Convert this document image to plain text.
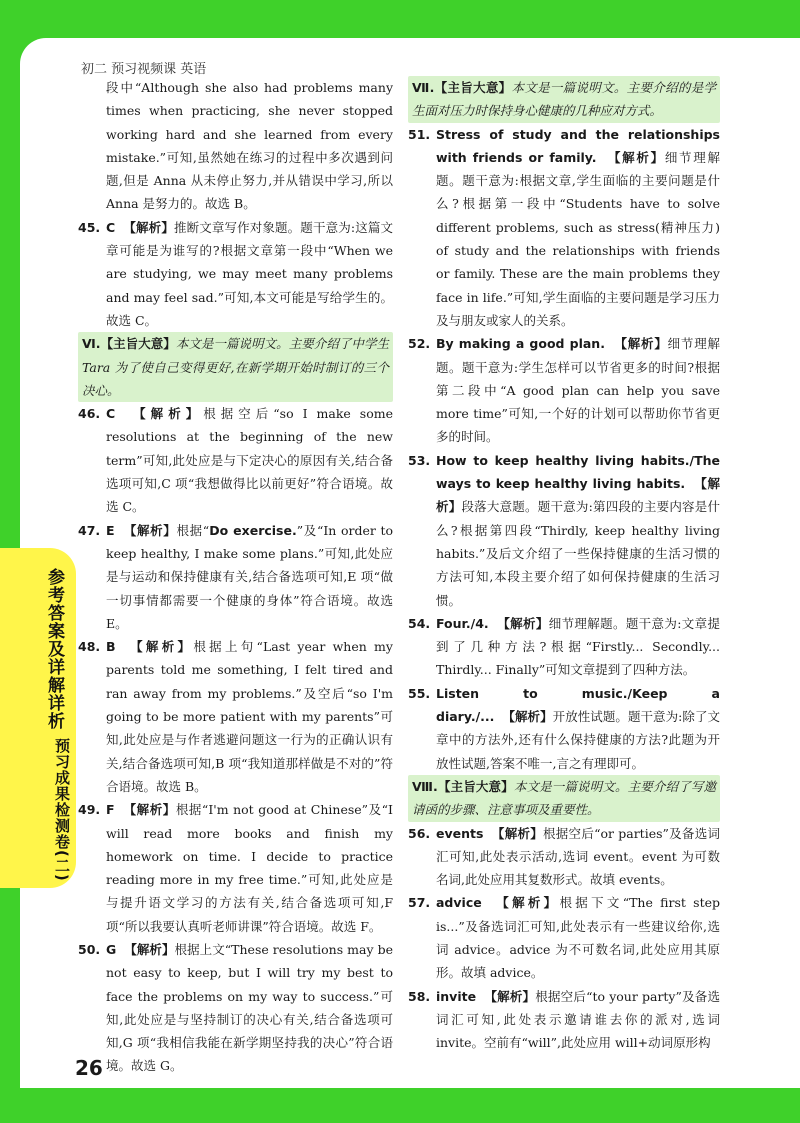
初二 预习视频课 英语
参考答案及详解详析
预习成果检测卷(二)
26

段中“Although she also had problems many times when practicing, she never stopped working hard and she learned from every mistake.”可知,虽然她在练习的过程中多次遇到问题,但是 Anna 从未停止努力,并从错误中学习,所以 Anna 是努力的。故选 B。

45. C 【解析】推断文章写作对象题。题干意为:这篇文章可能是为谁写的?根据文章第一段中“When we are studying, we may meet many problems and may feel sad.”可知,本文可能是写给学生的。故选 C。

Ⅵ.【主旨大意】本文是一篇说明文。主要介绍了中学生 Tara 为了使自己变得更好,在新学期开始时制订的三个决心。

46. C 【解析】根据空后“so I make some resolutions at the beginning of the new term”可知,此处应是与下定决心的原因有关,结合备选项可知,C 项“我想做得比以前更好”符合语境。故选 C。

47. E 【解析】根据“Do exercise.”及“In order to keep healthy, I make some plans.”可知,此处应是与运动和保持健康有关,结合备选项可知,E 项“做一切事情都需要一个健康的身体”符合语境。故选 E。

48. B 【解析】根据上句“Last year when my parents told me something, I felt tired and ran away from my problems.”及空后“so I'm going to be more patient with my parents”可知,此处应是与作者逃避问题这一行为的正确认识有关,结合备选项可知,B 项“我知道那样做是不对的”符合语境。故选 B。

49. F 【解析】根据“I'm not good at Chinese”及“I will read more books and finish my homework on time. I decide to practice reading more in my free time.”可知,此处应是与提升语文学习的方法有关,结合备选项可知,F 项“所以我要认真听老师讲课”符合语境。故选 F。

50. G 【解析】根据上文“These resolutions may be not easy to keep, but I will try my best to face the problems on my way to success.”可知,此处应是与坚持制订的决心有关,结合备选项可知,G 项“我相信我能在新学期坚持我的决心”符合语境。故选 G。

Ⅶ.【主旨大意】本文是一篇说明文。主要介绍的是学生面对压力时保持身心健康的几种应对方式。

51. Stress of study and the relationships with friends or family. 【解析】细节理解题。题干意为:根据文章,学生面临的主要问题是什么?根据第一段中“Students have to solve different problems, such as stress(精神压力) of study and the relationships with friends or family. These are the main problems they face in life.”可知,学生面临的主要问题是学习压力及与朋友或家人的关系。

52. By making a good plan. 【解析】细节理解题。题干意为:学生怎样可以节省更多的时间?根据第二段中“A good plan can help you save more time”可知,一个好的计划可以帮助你节省更多的时间。

53. How to keep healthy living habits./The ways to keep healthy living habits. 【解析】段落大意题。题干意为:第四段的主要内容是什么?根据第四段“Thirdly, keep healthy living habits.”及后文介绍了一些保持健康的生活习惯的方法可知,本段主要介绍了如何保持健康的生活习惯。

54. Four./4. 【解析】细节理解题。题干意为:文章提到了几种方法?根据“Firstly... Secondly... Thirdly... Finally”可知文章提到了四种方法。

55. Listen to music./Keep a diary./... 【解析】开放性试题。题干意为:除了文章中的方法外,还有什么保持健康的方法?此题为开放性试题,答案不唯一,言之有理即可。

Ⅷ.【主旨大意】本文是一篇说明文。主要介绍了写邀请函的步骤、注意事项及重要性。

56. events 【解析】根据空后“or parties”及备选词汇可知,此处表示活动,选词 event。event 为可数名词,此处应用其复数形式。故填 events。

57. advice 【解析】根据下文“The first step is...”及备选词汇可知,此处表示有一些建议给你,选词 advice。advice 为不可数名词,此处应用其原形。故填 advice。

58. invite 【解析】根据空后“to your party”及备选词汇可知,此处表示邀请谁去你的派对,选词 invite。空前有“will”,此处应用 will+动词原形构
